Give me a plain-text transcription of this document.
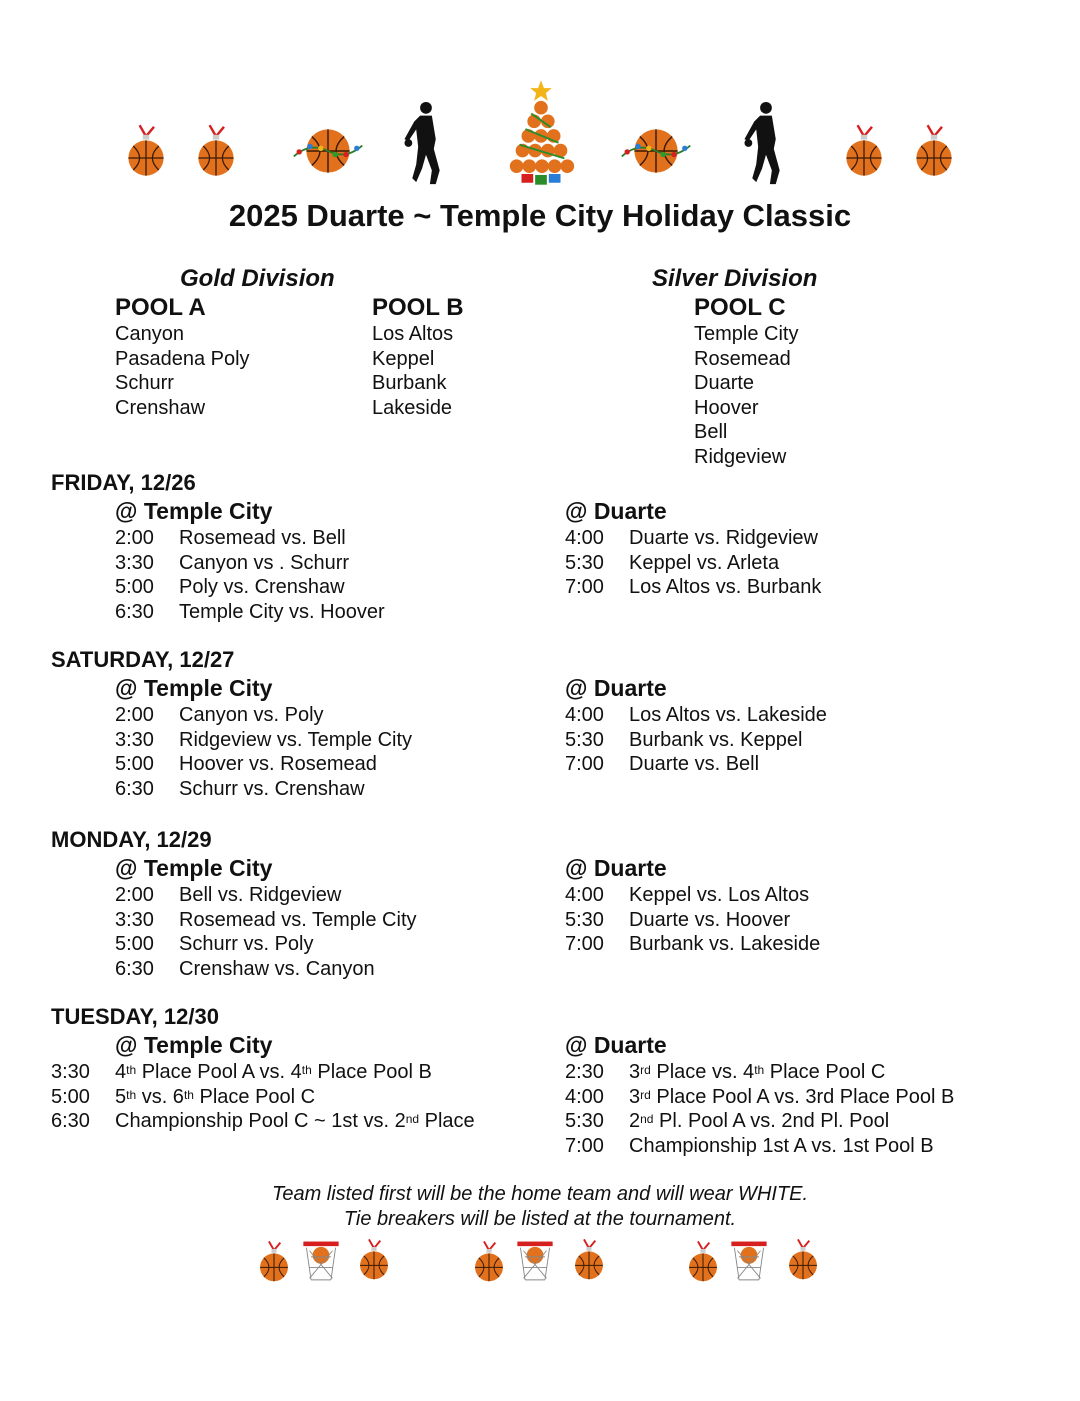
2025 Duarte ~ Temple City Holiday Classic
Gold Division	Silver Division
POOL A
Canyon
Pasadena Poly
Schurr
Crenshaw
POOL B
Los Altos
Keppel
Burbank
Lakeside
POOL C
Temple City
Rosemead
Duarte
Hoover
Bell
Ridgeview
FRIDAY, 12/26
@ Temple City	@ Duarte
2:00 Rosemead vs. Bell
3:30 Canyon vs . Schurr
5:00 Poly vs. Crenshaw
6:30 Temple City vs. Hoover
4:00 Duarte vs. Ridgeview
5:30 Keppel vs. Arleta
7:00 Los Altos vs. Burbank
SATURDAY, 12/27
@ Temple City	@ Duarte
2:00 Canyon vs. Poly
3:30 Ridgeview vs. Temple City
5:00 Hoover vs. Rosemead
6:30 Schurr vs. Crenshaw
4:00 Los Altos vs. Lakeside
5:30 Burbank vs. Keppel
7:00 Duarte vs. Bell
MONDAY, 12/29
@ Temple City	@ Duarte
2:00 Bell vs. Ridgeview
3:30 Rosemead vs. Temple City
5:00 Schurr vs. Poly
6:30 Crenshaw vs. Canyon
4:00 Keppel vs. Los Altos
5:30 Duarte vs. Hoover
7:00 Burbank vs. Lakeside
TUESDAY, 12/30
@ Temple City	@ Duarte
3:30 4th Place Pool A vs. 4th Place Pool B
5:00 5th vs. 6th Place Pool C
6:30 Championship Pool C ~ 1st vs. 2nd Place
2:30 3rd Place vs. 4th Place Pool C
4:00 3rd Place Pool A vs. 3rd Place Pool B
5:30 2nd Pl. Pool A vs. 2nd Pl. Pool
7:00 Championship 1st A vs. 1st Pool B
Team listed first will be the home team and will wear WHITE.
Tie breakers will be listed at the tournament.
